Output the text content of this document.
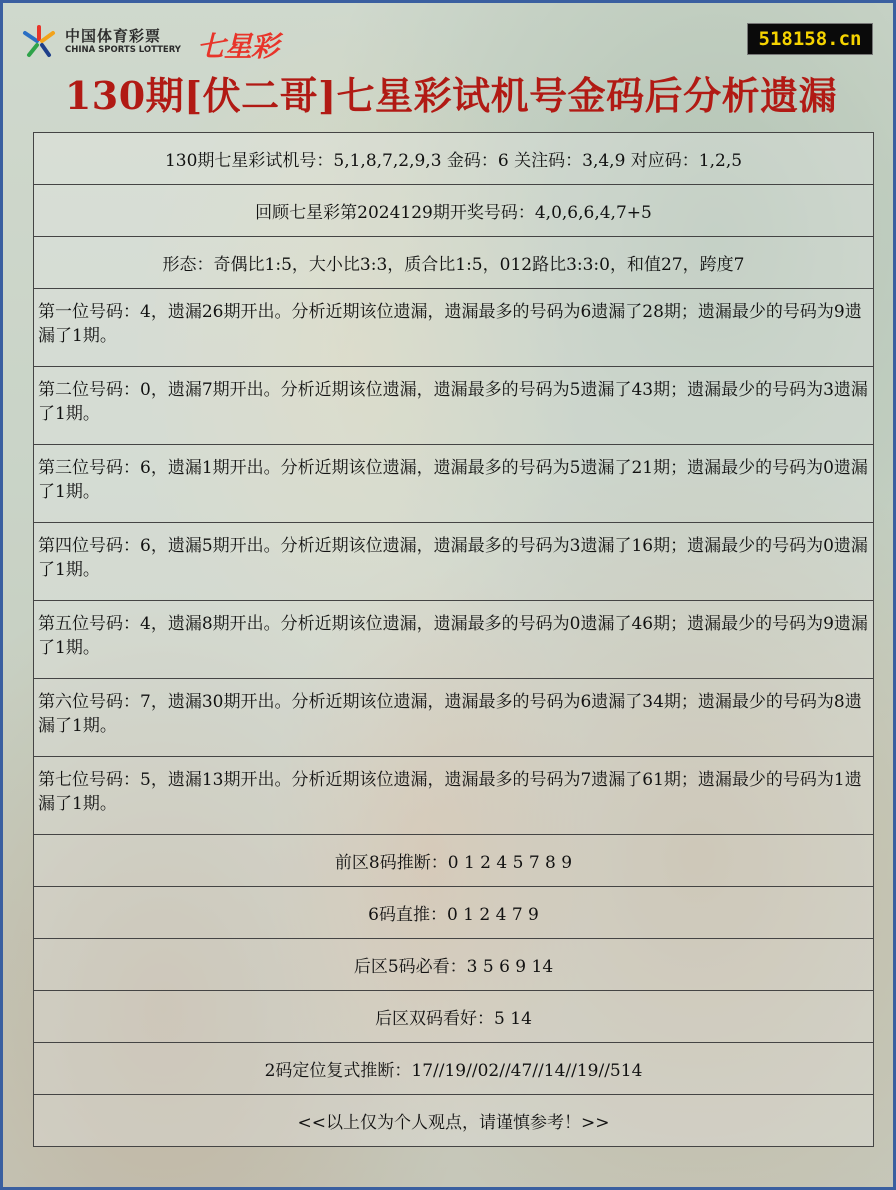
中国体育彩票
CHINA SPORTS LOTTERY 七星彩	518158.cn
130期[伏二哥]七星彩试机号金码后分析遗漏
130期七星彩试机号：5,1,8,7,2,9,3 金码：6 关注码：3,4,9 对应码：1,2,5
回顾七星彩第2024129期开奖号码：4,0,6,6,4,7+5
形态：奇偶比1:5，大小比3:3，质合比1:5，012路比3:3:0，和值27，跨度7
第一位号码：4，遗漏26期开出。分析近期该位遗漏，遗漏最多的号码为6遗漏了28期；遗漏最少的号码为9遗漏了1期。
第二位号码：0，遗漏7期开出。分析近期该位遗漏，遗漏最多的号码为5遗漏了43期；遗漏最少的号码为3遗漏了1期。
第三位号码：6，遗漏1期开出。分析近期该位遗漏，遗漏最多的号码为5遗漏了21期；遗漏最少的号码为0遗漏了1期。
第四位号码：6，遗漏5期开出。分析近期该位遗漏，遗漏最多的号码为3遗漏了16期；遗漏最少的号码为0遗漏了1期。
第五位号码：4，遗漏8期开出。分析近期该位遗漏，遗漏最多的号码为0遗漏了46期；遗漏最少的号码为9遗漏了1期。
第六位号码：7，遗漏30期开出。分析近期该位遗漏，遗漏最多的号码为6遗漏了34期；遗漏最少的号码为8遗漏了1期。
第七位号码：5，遗漏13期开出。分析近期该位遗漏，遗漏最多的号码为7遗漏了61期；遗漏最少的号码为1遗漏了1期。
前区8码推断：0 1 2 4 5 7 8 9
6码直推：0 1 2 4 7 9
后区5码必看：3 5 6 9 14
后区双码看好：5 14
2码定位复式推断：17//19//02//47//14//19//514
<<以上仅为个人观点，请谨慎参考！>>
